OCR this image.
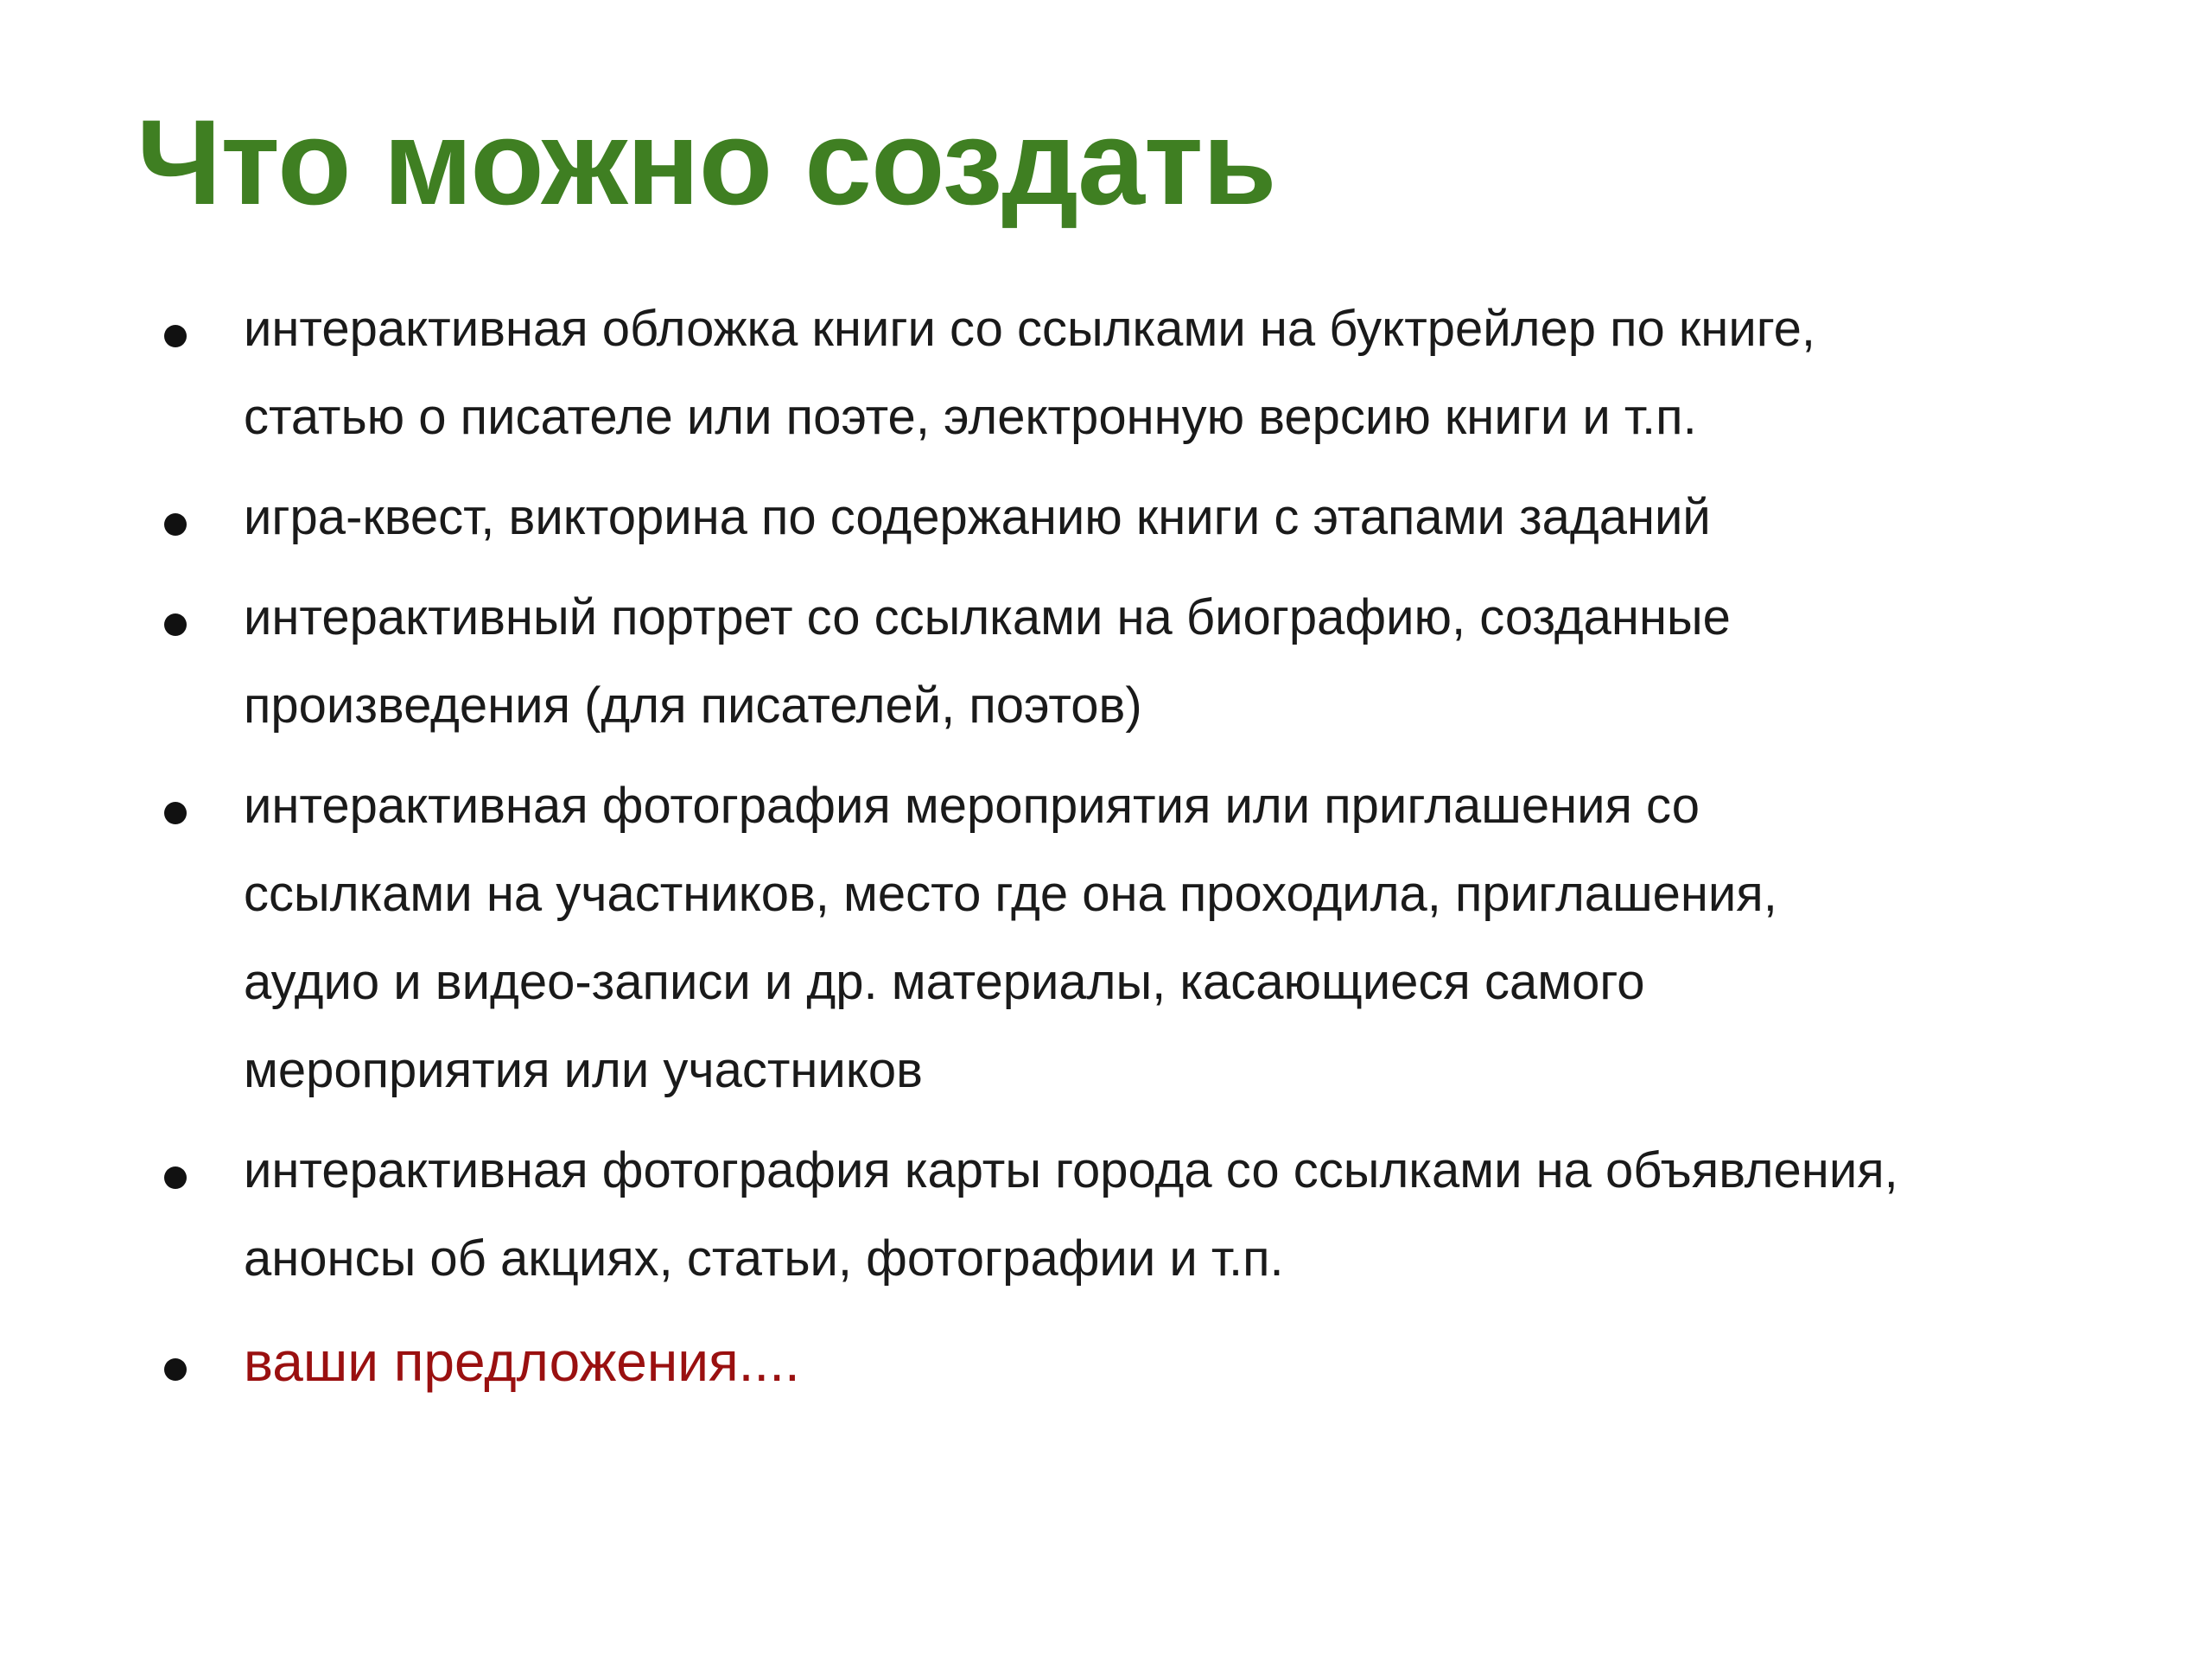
Что можно создать
интерактивная обложка книги со ссылками на буктрейлер по книге,
статью о писателе или поэте, электронную версию книги и т.п.
игра-квест, викторина по содержанию книги с этапами заданий
интерактивный портрет со ссылками на биографию, созданные
произведения (для писателей, поэтов)
интерактивная фотография мероприятия или приглашения со
ссылками на участников, место где она проходила, приглашения,
аудио и видео-записи и др. материалы, касающиеся самого
мероприятия или участников
интерактивная фотография карты города со ссылками на объявления,
анонсы об акциях, статьи, фотографии и т.п.
ваши предложения....
